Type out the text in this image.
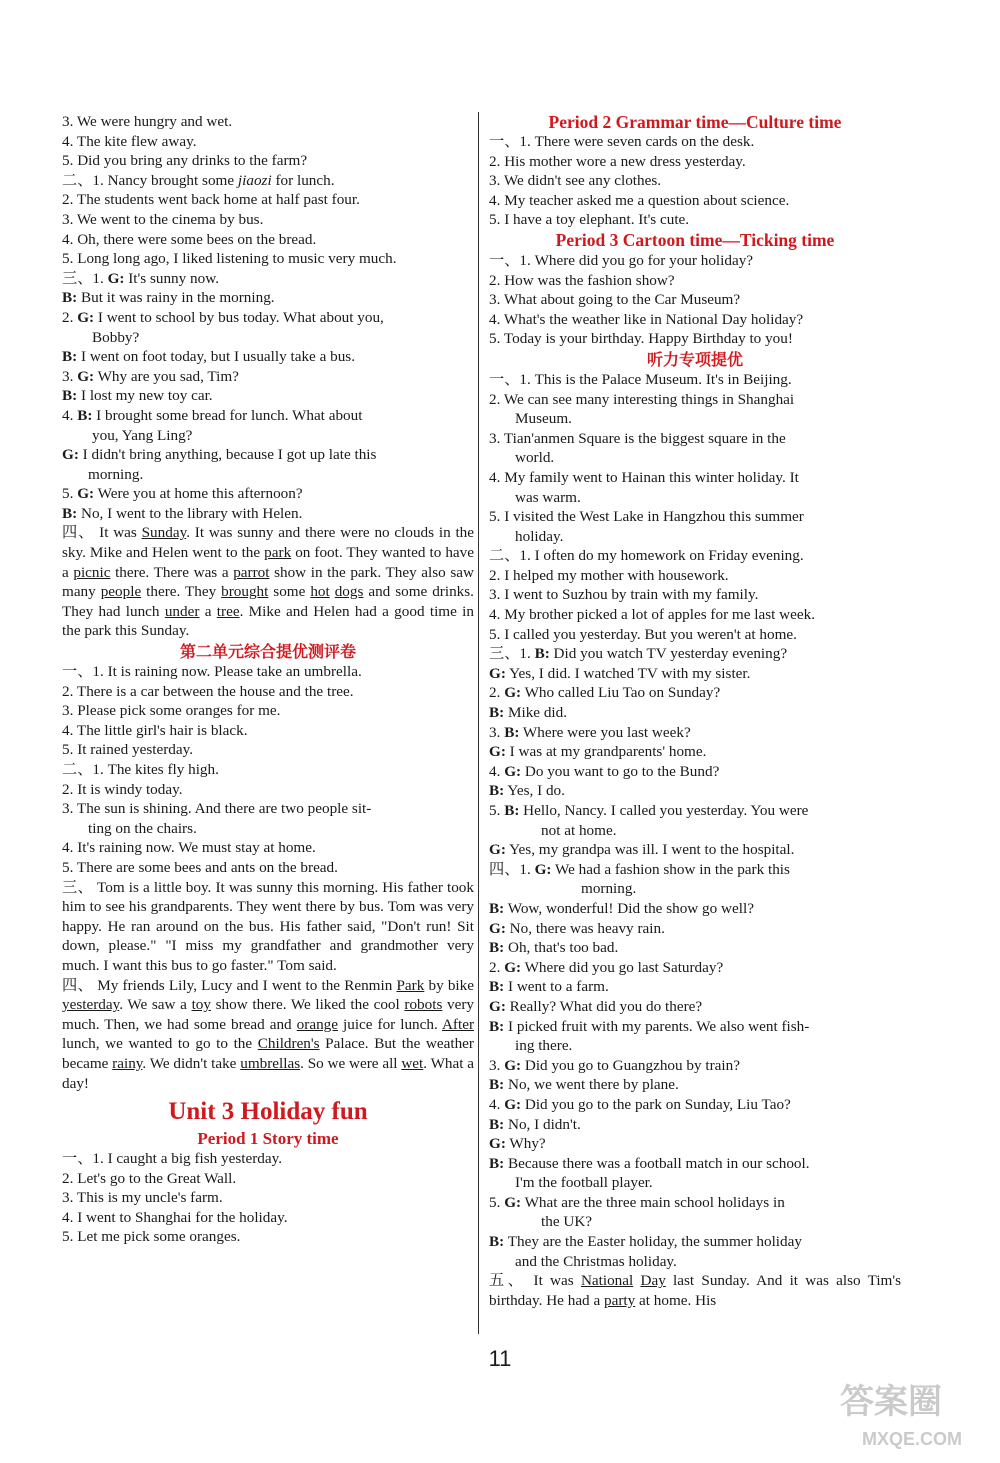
3. We were hungry and wet.
4. The kite flew away.
5. Did you bring any drinks to the farm?
二、1. Nancy brought some jiaozi for lunch.
2. The students went back home at half past four.
3. We went to the cinema by bus.
4. Oh, there were some bees on the bread.
5. Long long ago, I liked listening to music very much.
三、1. G: It's sunny now.
B: But it was rainy in the morning.
2. G: I went to school by bus today. What about you,
Bobby?
B: I went on foot today, but I usually take a bus.
3. G: Why are you sad, Tim?
B: I lost my new toy car.
4. B: I brought some bread for lunch. What about
you, Yang Ling?
G: I didn't bring anything, because I got up late this
morning.
5. G: Were you at home this afternoon?
B: No, I went to the library with Helen.
四、 It was Sunday. It was sunny and there were no clouds in the sky. Mike and Helen went to the park on foot. They wanted to have a picnic there. There was a parrot show in the park. They also saw many people there. They brought some hot dogs and some drinks. They had lunch under a tree. Mike and Helen had a good time in the park this Sunday.
第二单元综合提优测评卷
一、1. It is raining now. Please take an umbrella.
2. There is a car between the house and the tree.
3. Please pick some oranges for me.
4. The little girl's hair is black.
5. It rained yesterday.
二、1. The kites fly high.
2. It is windy today.
3. The sun is shining. And there are two people sit-
ting on the chairs.
4. It's raining now. We must stay at home.
5. There are some bees and ants on the bread.
三、 Tom is a little boy. It was sunny this morning. His father took him to see his grandparents. They went there by bus. Tom was very happy. He ran around on the bus. His father said, "Don't run! Sit down, please." "I miss my grandfather and grandmother very much. I want this bus to go faster." Tom said.
四、 My friends Lily, Lucy and I went to the Renmin Park by bike yesterday. We saw a toy show there. We liked the cool robots very much. Then, we had some bread and orange juice for lunch. After lunch, we wanted to go to the Children's Palace. But the weather became rainy. We didn't take umbrellas. So we were all wet. What a day!
Unit 3 Holiday fun
Period 1 Story time
一、1. I caught a big fish yesterday.
2. Let's go to the Great Wall.
3. This is my uncle's farm.
4. I went to Shanghai for the holiday.
5. Let me pick some oranges.
Period 2 Grammar time—Culture time
一、1. There were seven cards on the desk.
2. His mother wore a new dress yesterday.
3. We didn't see any clothes.
4. My teacher asked me a question about science.
5. I have a toy elephant. It's cute.
Period 3 Cartoon time—Ticking time
一、1. Where did you go for your holiday?
2. How was the fashion show?
3. What about going to the Car Museum?
4. What's the weather like in National Day holiday?
5. Today is your birthday. Happy Birthday to you!
听力专项提优
一、1. This is the Palace Museum. It's in Beijing.
2. We can see many interesting things in Shanghai
Museum.
3. Tian'anmen Square is the biggest square in the
world.
4. My family went to Hainan this winter holiday. It
was warm.
5. I visited the West Lake in Hangzhou this summer
holiday.
二、1. I often do my homework on Friday evening.
2. I helped my mother with housework.
3. I went to Suzhou by train with my family.
4. My brother picked a lot of apples for me last week.
5. I called you yesterday. But you weren't at home.
三、1. B: Did you watch TV yesterday evening?
G: Yes, I did. I watched TV with my sister.
2. G: Who called Liu Tao on Sunday?
B: Mike did.
3. B: Where were you last week?
G: I was at my grandparents' home.
4. G: Do you want to go to the Bund?
B: Yes, I do.
5. B: Hello, Nancy. I called you yesterday. You were
not at home.
G: Yes, my grandpa was ill. I went to the hospital.
四、1. G: We had a fashion show in the park this
morning.
B: Wow, wonderful! Did the show go well?
G: No, there was heavy rain.
B: Oh, that's too bad.
2. G: Where did you go last Saturday?
B: I went to a farm.
G: Really? What did you do there?
B: I picked fruit with my parents. We also went fish-
ing there.
3. G: Did you go to Guangzhou by train?
B: No, we went there by plane.
4. G: Did you go to the park on Sunday, Liu Tao?
B: No, I didn't.
G: Why?
B: Because there was a football match in our school.
I'm the football player.
5. G: What are the three main school holidays in
the UK?
B: They are the Easter holiday, the summer holiday
and the Christmas holiday.
五、 It was National Day last Sunday. And it was also Tim's birthday. He had a party at home. His
11
答案圈
MXQE.COM
